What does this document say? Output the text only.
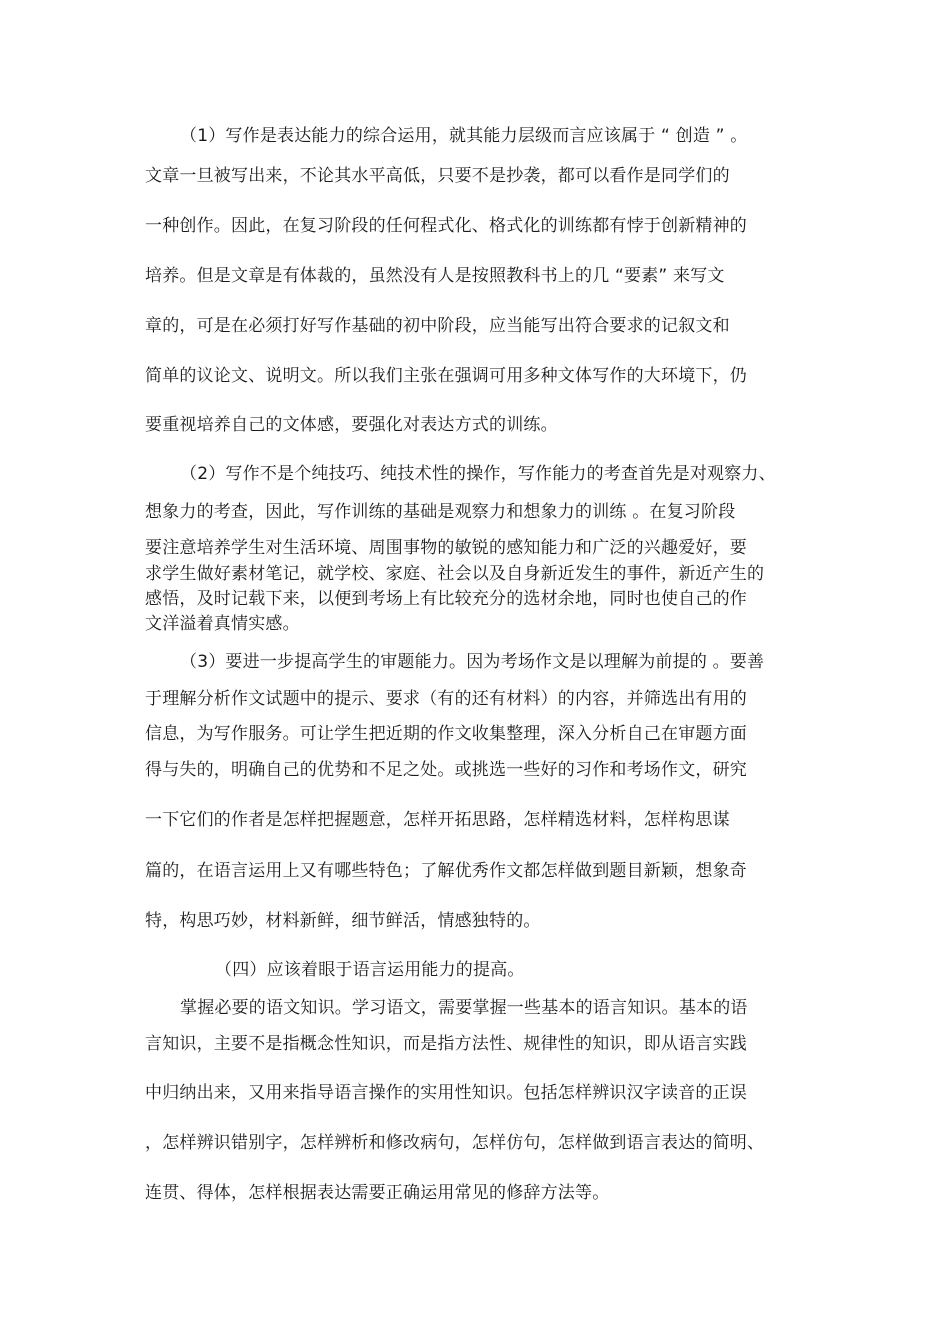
（1）写作是表达能力的综合运用，就其能力层级而言应该属于 “ 创造 ” 。
文章一旦被写出来，不论其水平高低，只要不是抄袭，都可以看作是同学们的
一种创作。因此，在复习阶段的任何程式化、格式化的训练都有悖于创新精神的
培养。但是文章是有体裁的，虽然没有人是按照教科书上的几 “要素” 来写文
章的，可是在必须打好写作基础的初中阶段，应当能写出符合要求的记叙文和
简单的议论文、说明文。所以我们主张在强调可用多种文体写作的大环境下，仍
要重视培养自己的文体感，要强化对表达方式的训练。
（2）写作不是个纯技巧、纯技术性的操作，写作能力的考查首先是对观察力、
想象力的考查，因此，写作训练的基础是观察力和想象力的训练 。在复习阶段
要注意培养学生对生活环境、周围事物的敏锐的感知能力和广泛的兴趣爱好，要
求学生做好素材笔记，就学校、家庭、社会以及自身新近发生的事件，新近产生的
感悟，及时记载下来，以便到考场上有比较充分的选材余地，同时也使自己的作
文洋溢着真情实感。
（3）要进一步提高学生的审题能力。因为考场作文是以理解为前提的 。要善
于理解分析作文试题中的提示、要求（有的还有材料）的内容，并筛选出有用的
信息，为写作服务。可让学生把近期的作文收集整理，深入分析自己在审题方面
得与失的，明确自己的优势和不足之处。或挑选一些好的习作和考场作文，研究
一下它们的作者是怎样把握题意，怎样开拓思路，怎样精选材料，怎样构思谋
篇的，在语言运用上又有哪些特色；了解优秀作文都怎样做到题目新颖，想象奇
特，构思巧妙，材料新鲜，细节鲜活，情感独特的。
（四）应该着眼于语言运用能力的提高。
掌握必要的语文知识。学习语文，需要掌握一些基本的语言知识。基本的语
言知识，主要不是指概念性知识，而是指方法性、规律性的知识，即从语言实践
中归纳出来，又用来指导语言操作的实用性知识。包括怎样辨识汉字读音的正误
，怎样辨识错别字，怎样辨析和修改病句，怎样仿句，怎样做到语言表达的简明、
连贯、得体，怎样根据表达需要正确运用常见的修辞方法等。
